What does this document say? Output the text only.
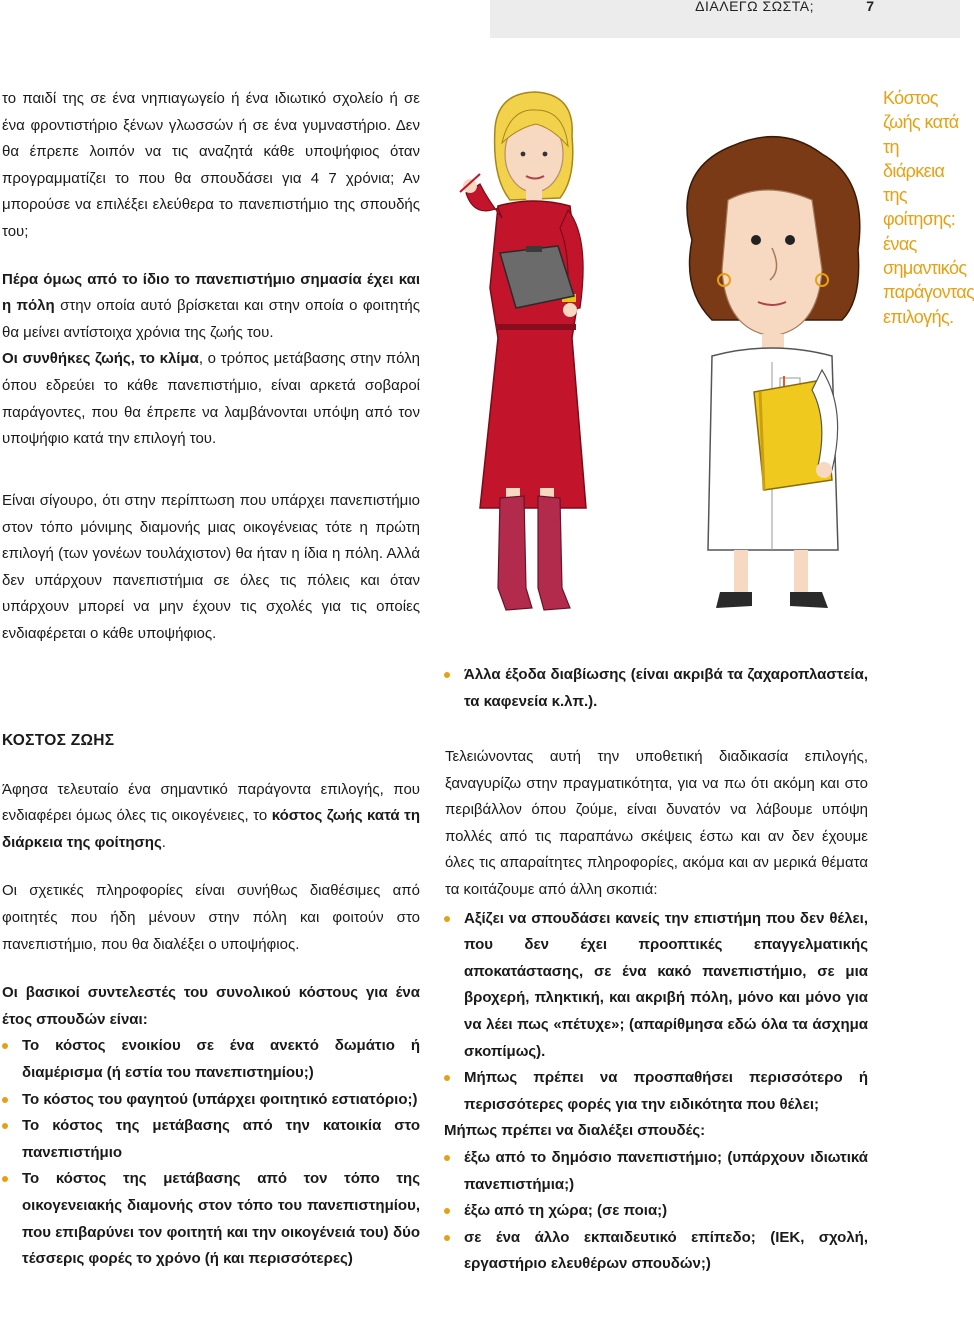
ΔΙΑΛΕΓΩ ΣΩΣΤΑ;	7

το παιδί της σε ένα νηπιαγωγείο ή ένα ιδιωτικό σχολείο ή σε ένα φροντιστήριο ξένων γλωσσών ή σε ένα γυμναστήριο. Δεν θα έπρεπε λοιπόν να τις αναζητά κάθε υποψήφιος όταν προγραμματίζει το που θα σπουδάσει για 4 7 χρόνια; Αν μπορούσε να επιλέξει ελεύθερα το πανεπιστήμιο της σπουδής του;

Πέρα όμως από το ίδιο το πανεπιστήμιο σημασία έχει και η πόλη στην οποία αυτό βρίσκεται και στην οποία ο φοιτητής θα μείνει αντίστοιχα χρόνια της ζωής του.

Οι συνθήκες ζωής, το κλίμα, ο τρόπος μετάβασης στην πόλη όπου εδρεύει το κάθε πανεπιστήμιο, είναι αρκετά σοβαροί παράγοντες, που θα έπρεπε να λαμβάνονται υπόψη από τον υποψήφιο κατά την επιλογή του.

Είναι σίγουρο, ότι στην περίπτωση που υπάρχει πανεπιστήμιο στον τόπο μόνιμης διαμονής μιας οικογένειας τότε η πρώτη επιλογή (των γονέων τουλάχιστον) θα ήταν η ίδια η πόλη. Αλλά δεν υπάρχουν πανεπιστήμια σε όλες τις πόλεις και όταν υπάρχουν μπορεί να μην έχουν τις σχολές για τις οποίες ενδιαφέρεται ο κάθε υποψήφιος.

Κόστος ζωής κατά τη διάρκεια της φοίτησης: ένας σημαντικός παράγοντας επιλογής.
Άλλα έξοδα διαβίωσης (είναι ακριβά τα ζαχαροπλαστεία, τα καφενεία κ.λπ.).

ΚΟΣΤΟΣ ΖΩΗΣ

Άφησα τελευταίο ένα σημαντικό παράγοντα επιλογής, που ενδιαφέρει όμως όλες τις οικογένειες, το κόστος ζωής κατά τη διάρκεια της φοίτησης.

Οι σχετικές πληροφορίες είναι συνήθως διαθέσιμες από φοιτητές που ήδη μένουν στην πόλη και φοιτούν στο πανεπιστήμιο, που θα διαλέξει ο υποψήφιος.

Οι βασικοί συντελεστές του συνολικού κόστους για ένα έτος σπουδών είναι:

Το κόστος ενοικίου σε ένα ανεκτό δωμάτιο ή διαμέρισμα (ή εστία του πανεπιστημίου;)
Το κόστος του φαγητού (υπάρχει φοιτητικό εστιατόριο;)
Το κόστος της μετάβασης από την κατοικία στο πανεπιστήμιο
Το κόστος της μετάβασης από τον τόπο της οικογενειακής διαμονής στον τόπο του πανεπιστημίου, που επιβαρύνει τον φοιτητή και την οικογένειά του) δύο τέσσερις φορές το χρόνο (ή και περισσότερες)

Τελειώνοντας αυτή την υποθετική διαδικασία επιλογής, ξαναγυρίζω στην πραγματικότητα, για να πω ότι ακόμη και στο περιβάλλον όπου ζούμε, είναι δυνατόν να λάβουμε υπόψη πολλές από τις παραπάνω σκέψεις έστω και αν δεν έχουμε όλες τις απαραίτητες πληροφορίες, ακόμα και αν μερικά θέματα τα κοιτάζουμε από άλλη σκοπιά:

Αξίζει να σπουδάσει κανείς την επιστήμη που δεν θέλει, που δεν έχει προοπτικές επαγγελματικής αποκατάστασης, σε ένα κακό πανεπιστήμιο, σε μια βροχερή, πληκτική, και ακριβή πόλη, μόνο και μόνο για να λέει πως «πέτυχε»; (απαρίθμησα εδώ όλα τα άσχημα σκοπίμως).
Μήπως πρέπει να προσπαθήσει περισσότερο ή περισσότερες φορές για την ειδικότητα που θέλει;

Μήπως πρέπει να διαλέξει σπουδές:

έξω από το δημόσιο πανεπιστήμιο; (υπάρχουν ιδιωτικά πανεπιστήμια;)
έξω από τη χώρα; (σε ποια;)
σε ένα άλλο εκπαιδευτικό επίπεδο; (ΙΕΚ, σχολή, εργαστήριο ελευθέρων σπουδών;)
